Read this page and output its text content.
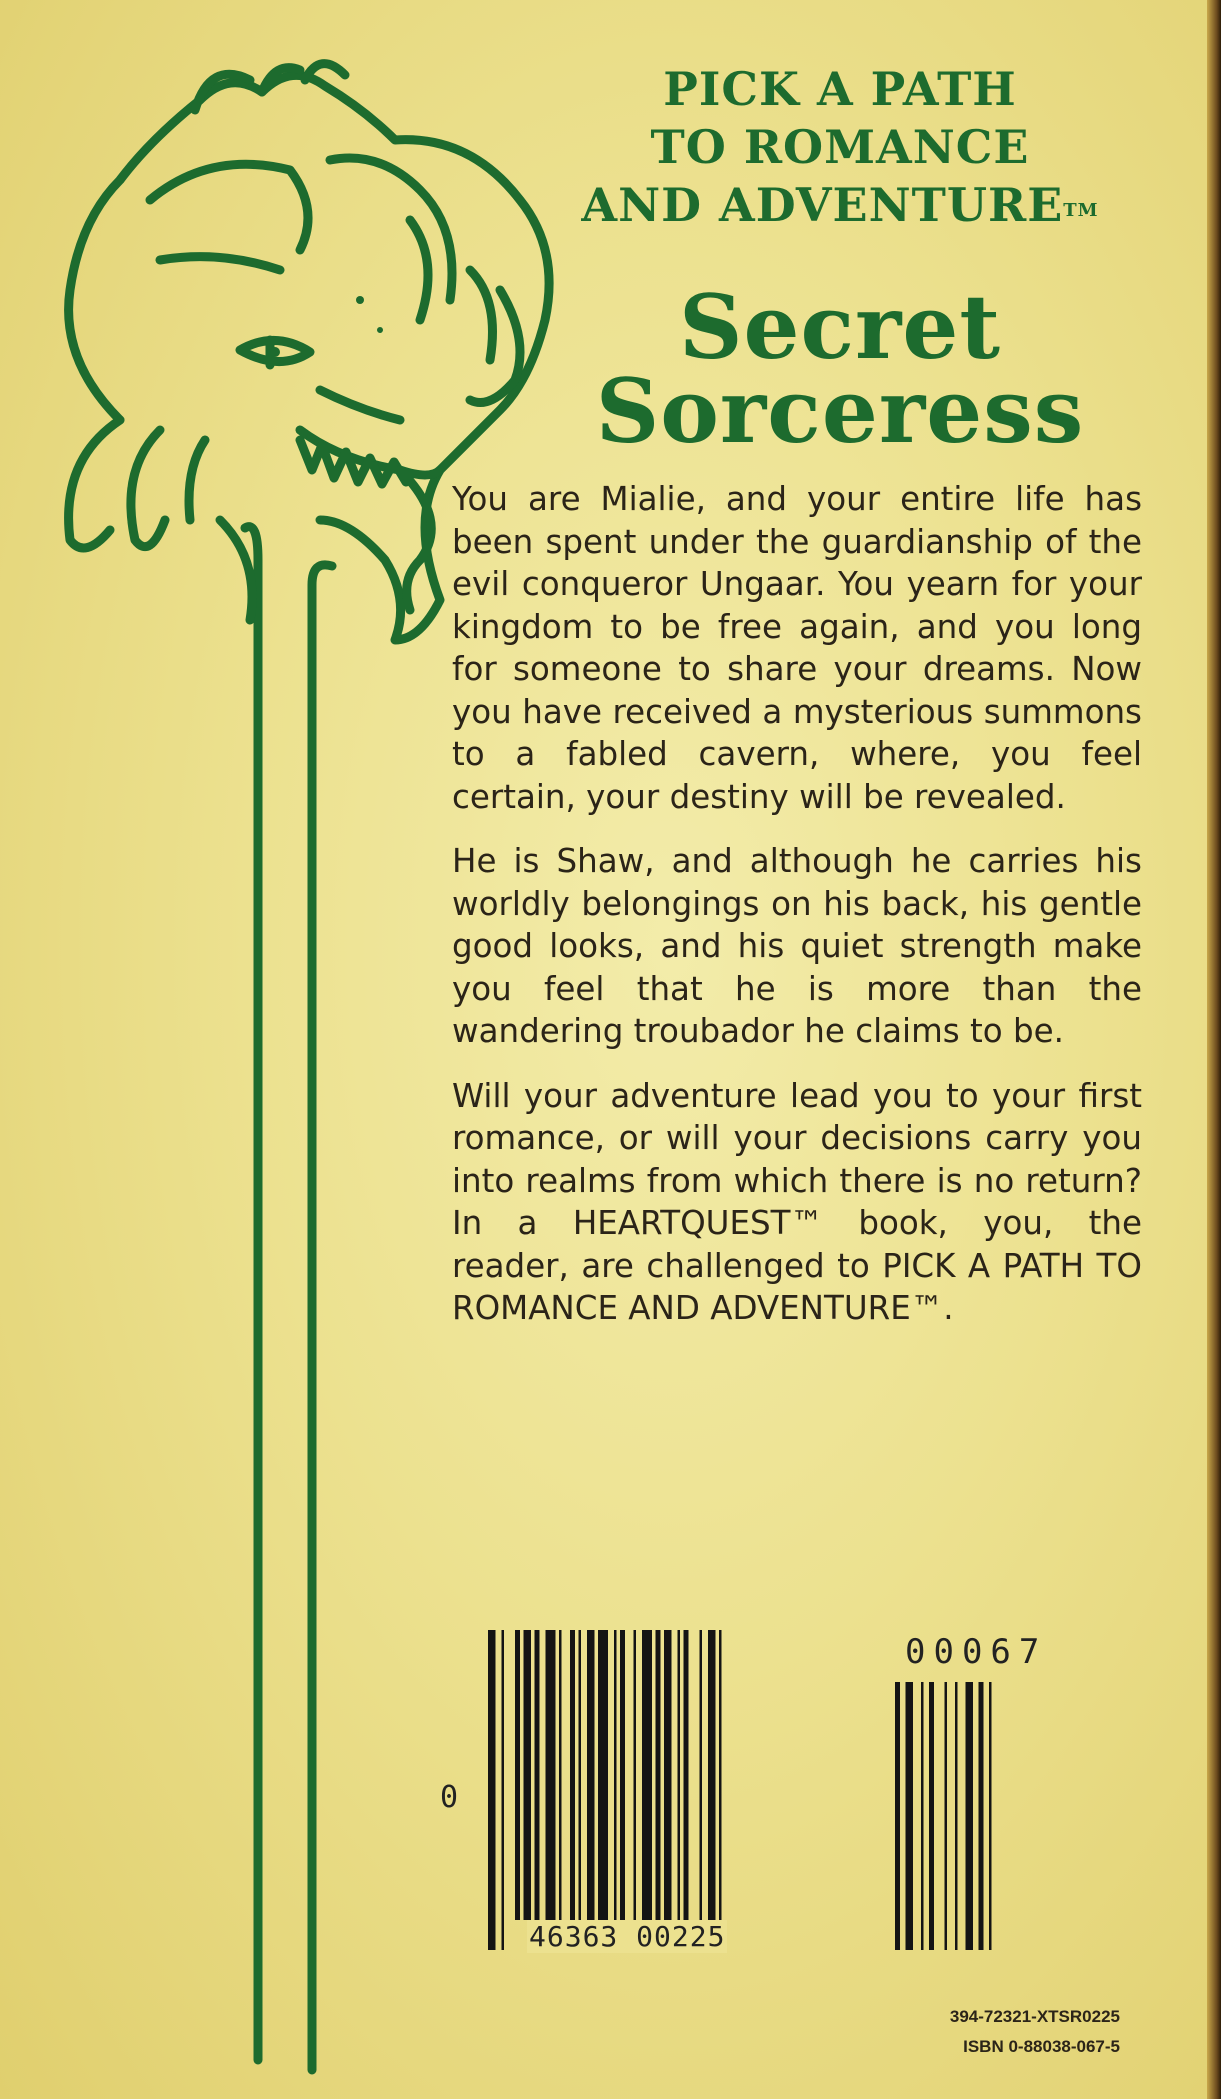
PICK A PATH
TO ROMANCE
AND ADVENTURE™
Secret
Sorceress

You are Mialie, and your entire life has been spent under the guardianship of the evil conqueror Ungaar. You yearn for your kingdom to be free again, and you long for someone to share your dreams. Now you have received a mysterious summons to a fabled cavern, where, you feel certain, your destiny will be revealed.

He is Shaw, and although he carries his worldly belongings on his back, his gentle good looks, and his quiet strength make you feel that he is more than the wandering troubador he claims to be.

Will your adventure lead you to your first romance, or will your decisions carry you into realms from which there is no return? In a HEARTQUEST™ book, you, the reader, are challenged to PICK A PATH TO ROMANCE AND ADVENTURE™.

0
46363 00225
00067
394-72321-XTSR0225
ISBN 0-88038-067-5
